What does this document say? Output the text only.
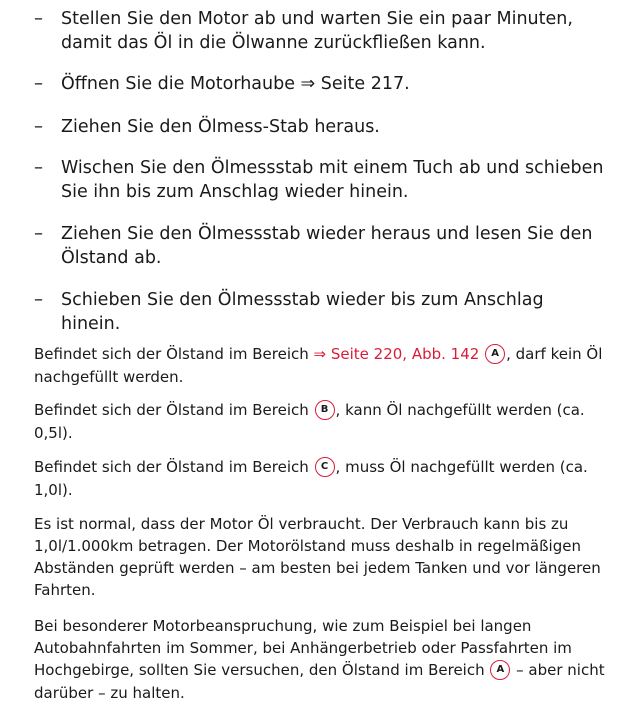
– Stellen Sie den Motor ab und warten Sie ein paar Minuten, damit das Öl in die Ölwanne zurückfließen kann.
– Öffnen Sie die Motorhaube ⇒ Seite 217.
– Ziehen Sie den Ölmess-Stab heraus.
– Wischen Sie den Ölmessstab mit einem Tuch ab und schieben Sie ihn bis zum Anschlag wieder hinein.
– Ziehen Sie den Ölmessstab wieder heraus und lesen Sie den Ölstand ab.
– Schieben Sie den Ölmessstab wieder bis zum Anschlag hinein.

Befindet sich der Ölstand im Bereich ⇒ Seite 220, Abb. 142 A , darf kein Öl nachgefüllt werden.

Befindet sich der Ölstand im Bereich B , kann Öl nachgefüllt werden (ca. 0,5l).

Befindet sich der Ölstand im Bereich C , muss Öl nachgefüllt werden (ca. 1,0l).

Es ist normal, dass der Motor Öl verbraucht. Der Verbrauch kann bis zu 1,0l/1.000km betragen. Der Motorölstand muss deshalb in regelmäßigen Abständen geprüft werden – am besten bei jedem Tanken und vor längeren Fahrten.

Bei besonderer Motorbeanspruchung, wie zum Beispiel bei langen Autobahnfahrten im Sommer, bei Anhängerbetrieb oder Passfahrten im Hochgebirge, sollten Sie versuchen, den Ölstand im Bereich A – aber nicht darüber – zu halten.
